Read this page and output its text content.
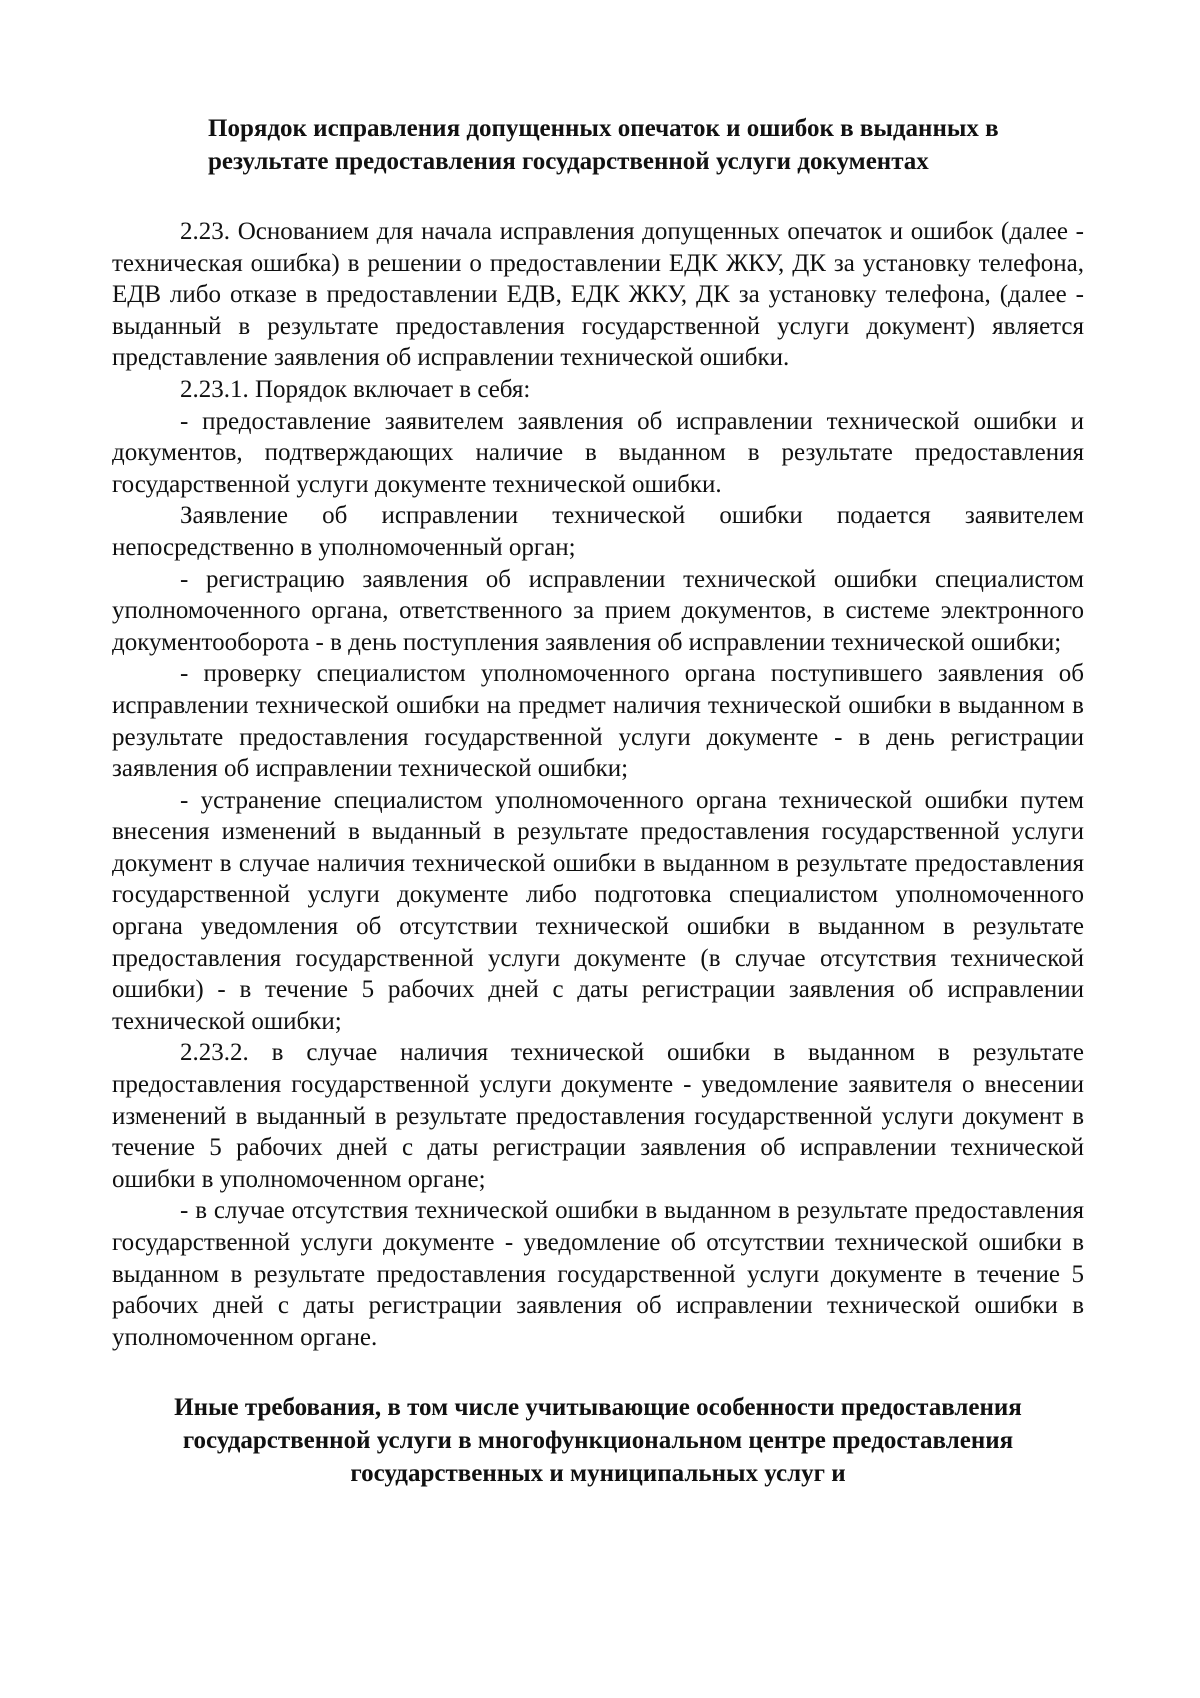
Порядок исправления допущенных опечаток и ошибок в выданных в результате предоставления государственной услуги документах

2.23. Основанием для начала исправления допущенных опечаток и ошибок (далее - техническая ошибка) в решении о предоставлении ЕДК ЖКУ, ДК за установку телефона, ЕДВ либо отказе в предоставлении ЕДВ, ЕДК ЖКУ, ДК за установку телефона, (далее - выданный в результате предоставления государственной услуги документ) является представление заявления об исправлении технической ошибки.

2.23.1. Порядок включает в себя:

- предоставление заявителем заявления об исправлении технической ошибки и документов, подтверждающих наличие в выданном в результате предоставления государственной услуги документе технической ошибки.

Заявление об исправлении технической ошибки подается заявителем непосредственно в уполномоченный орган;

- регистрацию заявления об исправлении технической ошибки специалистом уполномоченного органа, ответственного за прием документов, в системе электронного документооборота - в день поступления заявления об исправлении технической ошибки;

- проверку специалистом уполномоченного органа поступившего заявления об исправлении технической ошибки на предмет наличия технической ошибки в выданном в результате предоставления государственной услуги документе - в день регистрации заявления об исправлении технической ошибки;

- устранение специалистом уполномоченного органа технической ошибки путем внесения изменений в выданный в результате предоставления государственной услуги документ в случае наличия технической ошибки в выданном в результате предоставления государственной услуги документе либо подготовка специалистом уполномоченного органа уведомления об отсутствии технической ошибки в выданном в результате предоставления государственной услуги документе (в случае отсутствия технической ошибки) - в течение 5 рабочих дней с даты регистрации заявления об исправлении технической ошибки;

2.23.2. в случае наличия технической ошибки в выданном в результате предоставления государственной услуги документе - уведомление заявителя о внесении изменений в выданный в результате предоставления государственной услуги документ в течение 5 рабочих дней с даты регистрации заявления об исправлении технической ошибки в уполномоченном органе;

- в случае отсутствия технической ошибки в выданном в результате предоставления государственной услуги документе - уведомление об отсутствии технической ошибки в выданном в результате предоставления государственной услуги документе в течение 5 рабочих дней с даты регистрации заявления об исправлении технической ошибки в уполномоченном органе.

Иные требования, в том числе учитывающие особенности предоставления государственной услуги в многофункциональном центре предоставления государственных и муниципальных услуг и
